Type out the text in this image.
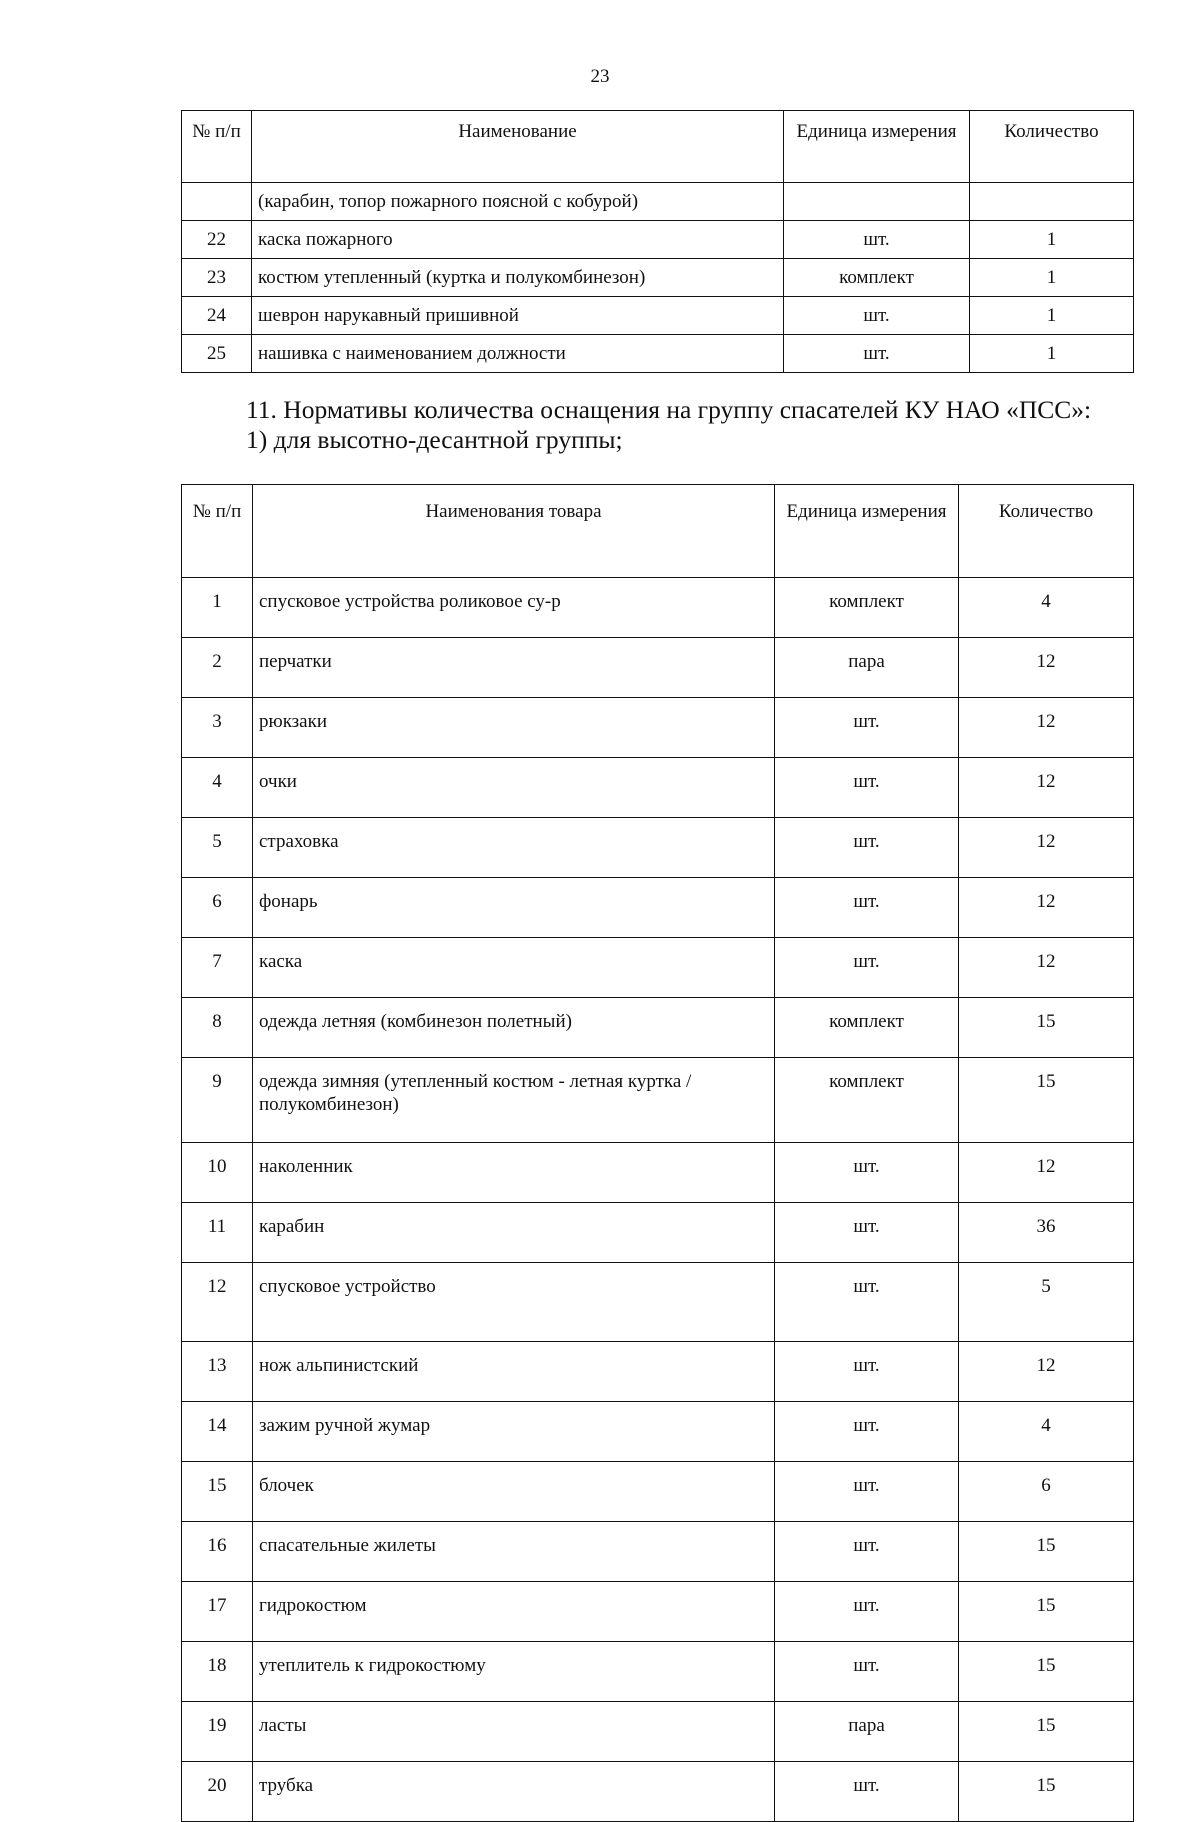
23
№ п/п	Наименование	Единица измерения	Количество
	(карабин, топор пожарного поясной с кобурой)		
22	каска пожарного	шт.	1
23	костюм утепленный (куртка и полукомбинезон)	комплект	1
24	шеврон нарукавный пришивной	шт.	1
25	нашивка с наименованием должности	шт.	1
11. Нормативы количества оснащения на группу спасателей КУ НАО «ПСС»:
1) для высотно-десантной группы;
№ п/п	Наименования товара	Единица измерения	Количество
1	спусковое устройства роликовое су-р	комплект	4
2	перчатки	пара	12
3	рюкзаки	шт.	12
4	очки	шт.	12
5	страховка	шт.	12
6	фонарь	шт.	12
7	каска	шт.	12
8	одежда летняя (комбинезон полетный)	комплект	15
9	одежда зимняя (утепленный костюм - летная куртка / полукомбинезон)	комплект	15
10	наколенник	шт.	12
11	карабин	шт.	36
12	спусковое устройство	шт.	5
13	нож альпинистский	шт.	12
14	зажим ручной жумар	шт.	4
15	блочек	шт.	6
16	спасательные жилеты	шт.	15
17	гидрокостюм	шт.	15
18	утеплитель к гидрокостюму	шт.	15
19	ласты	пара	15
20	трубка	шт.	15
